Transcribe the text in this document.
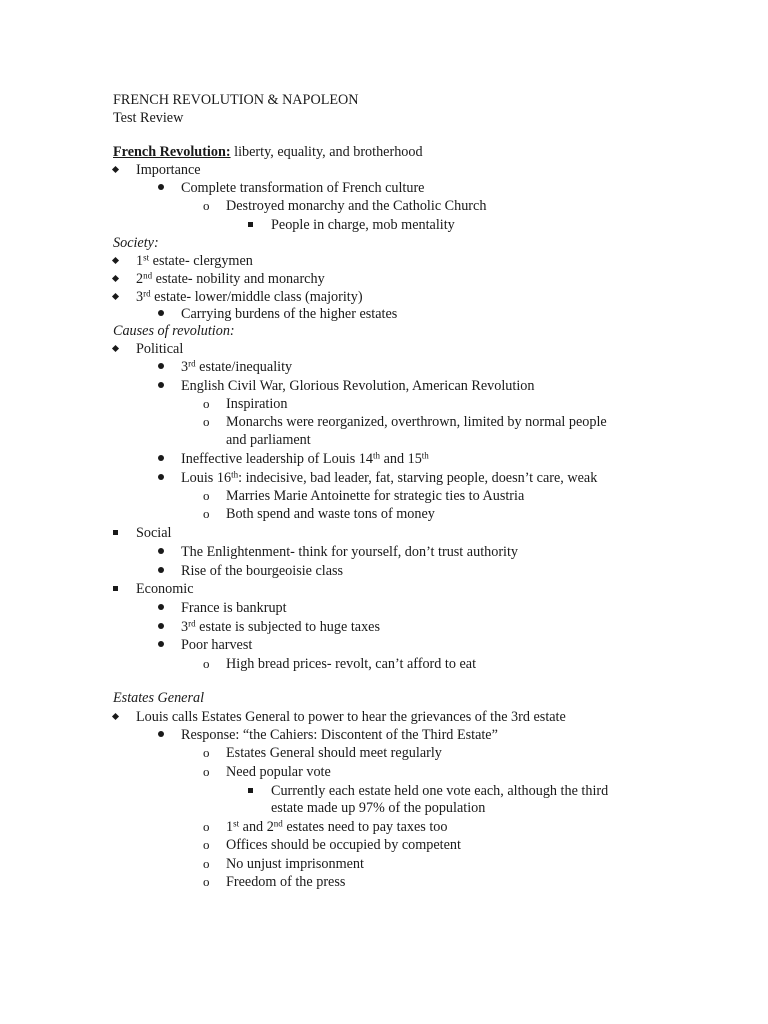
FRENCH REVOLUTION & NAPOLEON
Test Review
French Revolution: liberty, equality, and brotherhood
Importance
Complete transformation of French culture
o Destroyed monarchy and the Catholic Church
People in charge, mob mentality
Society:
1st estate- clergymen
2nd estate- nobility and monarchy
3rd estate- lower/middle class (majority)
Carrying burdens of the higher estates
Causes of revolution:
Political
3rd estate/inequality
English Civil War, Glorious Revolution, American Revolution
o Inspiration
o Monarchs were reorganized, overthrown, limited by normal people
and parliament
Ineffective leadership of Louis 14th and 15th
Louis 16th: indecisive, bad leader, fat, starving people, doesn’t care, weak
o Marries Marie Antoinette for strategic ties to Austria
o Both spend and waste tons of money
Social
The Enlightenment- think for yourself, don’t trust authority
Rise of the bourgeoisie class
Economic
France is bankrupt
3rd estate is subjected to huge taxes
Poor harvest
o High bread prices- revolt, can’t afford to eat
Estates General
Louis calls Estates General to power to hear the grievances of the 3rd estate
Response: “the Cahiers: Discontent of the Third Estate”
o Estates General should meet regularly
o Need popular vote
Currently each estate held one vote each, although the third
estate made up 97% of the population
o 1st and 2nd estates need to pay taxes too
o Offices should be occupied by competent
o No unjust imprisonment
o Freedom of the press
